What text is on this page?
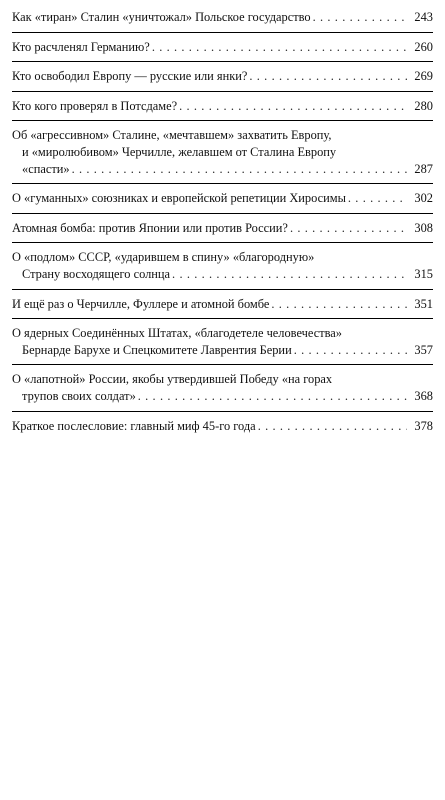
Как «тиран» Сталин «уничтожал» Польское государство . . .	243
Кто расчленял Германию? . . .	260
Кто освободил Европу — русские или янки? . . .	269
Кто кого проверял в Потсдаме? . . .	280
Об «агрессивном» Сталине, «мечтавшем» захватить Европу,
и «миролюбивом» Черчилле, желавшем от Сталина Европу
«спасти» . . .	287
О «гуманных» союзниках и европейской репетиции Хиросимы . . .	302
Атомная бомба: против Японии или против России? . . .	308
О «подлом» СССР, «ударившем в спину» «благородную»
Страну восходящего солнца . . .	315
И ещё раз о Черчилле, Фуллере и атомной бомбе . . .	351
О ядерных Соединённых Штатах, «благодетеле человечества»
Бернарде Барухе и Спецкомитете Лаврентия Берии . . .	357
О «лапотной» России, якобы утвердившей Победу «на горах
трупов своих солдат» . . .	368
Краткое послесловие: главный миф 45-го года . . .	378
